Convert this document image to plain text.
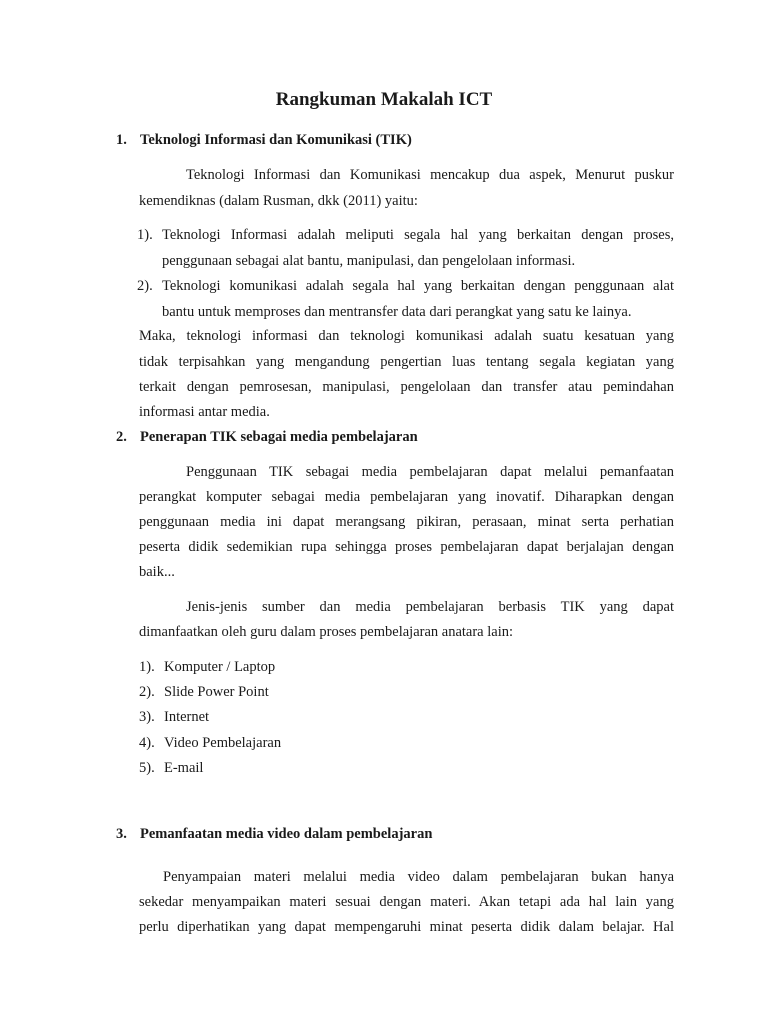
Rangkuman Makalah ICT
1. Teknologi Informasi dan Komunikasi (TIK)
Teknologi Informasi dan Komunikasi mencakup dua aspek, Menurut puskur
kemendiknas (dalam Rusman, dkk (2011) yaitu:
1). Teknologi Informasi adalah meliputi segala hal yang berkaitan dengan proses,
penggunaan sebagai alat bantu, manipulasi, dan pengelolaan informasi.
2). Teknologi komunikasi adalah segala hal yang berkaitan dengan penggunaan alat
bantu untuk memproses dan mentransfer data dari perangkat yang satu ke lainya.
Maka, teknologi informasi dan teknologi komunikasi adalah suatu kesatuan yang
tidak terpisahkan yang mengandung pengertian luas tentang segala kegiatan yang
terkait dengan pemrosesan, manipulasi, pengelolaan dan transfer atau pemindahan
informasi antar media.
2. Penerapan TIK sebagai media pembelajaran
Penggunaan TIK sebagai media pembelajaran dapat melalui pemanfaatan
perangkat komputer sebagai media pembelajaran yang inovatif. Diharapkan dengan
penggunaan media ini dapat merangsang pikiran, perasaan, minat serta perhatian
peserta didik sedemikian rupa sehingga proses pembelajaran dapat berjalajan dengan
baik...
Jenis-jenis sumber dan media pembelajaran berbasis TIK yang dapat
dimanfaatkan oleh guru dalam proses pembelajaran anatara lain:
1). Komputer / Laptop
2). Slide Power Point
3). Internet
4). Video Pembelajaran
5). E-mail
3. Pemanfaatan media video dalam pembelajaran
Penyampaian materi melalui media video dalam pembelajaran bukan hanya
sekedar menyampaikan materi sesuai dengan materi. Akan tetapi ada hal lain yang
perlu diperhatikan yang dapat mempengaruhi minat peserta didik dalam belajar. Hal
